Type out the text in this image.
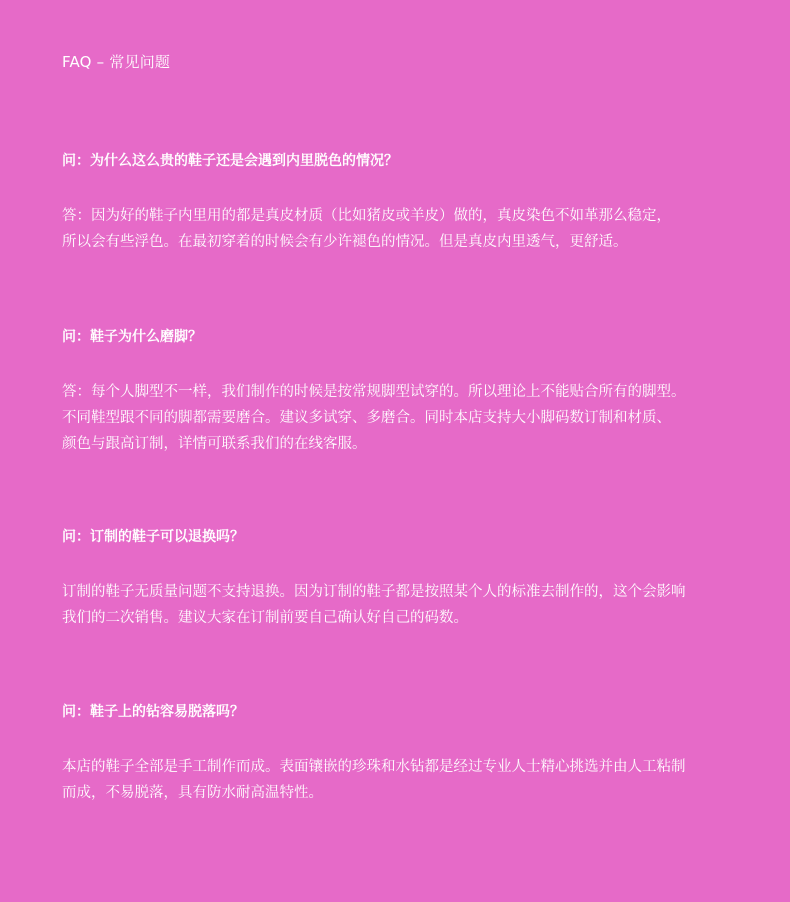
FAQ – 常见问题

问：为什么这么贵的鞋子还是会遇到内里脱色的情况？

答：因为好的鞋子内里用的都是真皮材质（比如猪皮或羊皮）做的，真皮染色不如革那么稳定，
所以会有些浮色。在最初穿着的时候会有少许褪色的情况。但是真皮内里透气，更舒适。

问：鞋子为什么磨脚？

答：每个人脚型不一样，我们制作的时候是按常规脚型试穿的。所以理论上不能贴合所有的脚型。
不同鞋型跟不同的脚都需要磨合。建议多试穿、多磨合。同时本店支持大小脚码数订制和材质、
颜色与跟高订制，详情可联系我们的在线客服。

问：订制的鞋子可以退换吗？

订制的鞋子无质量问题不支持退换。因为订制的鞋子都是按照某个人的标准去制作的，这个会影响
我们的二次销售。建议大家在订制前要自己确认好自己的码数。

问：鞋子上的钻容易脱落吗？

本店的鞋子全部是手工制作而成。表面镶嵌的珍珠和水钻都是经过专业人士精心挑选并由人工粘制
而成，不易脱落，具有防水耐高温特性。
